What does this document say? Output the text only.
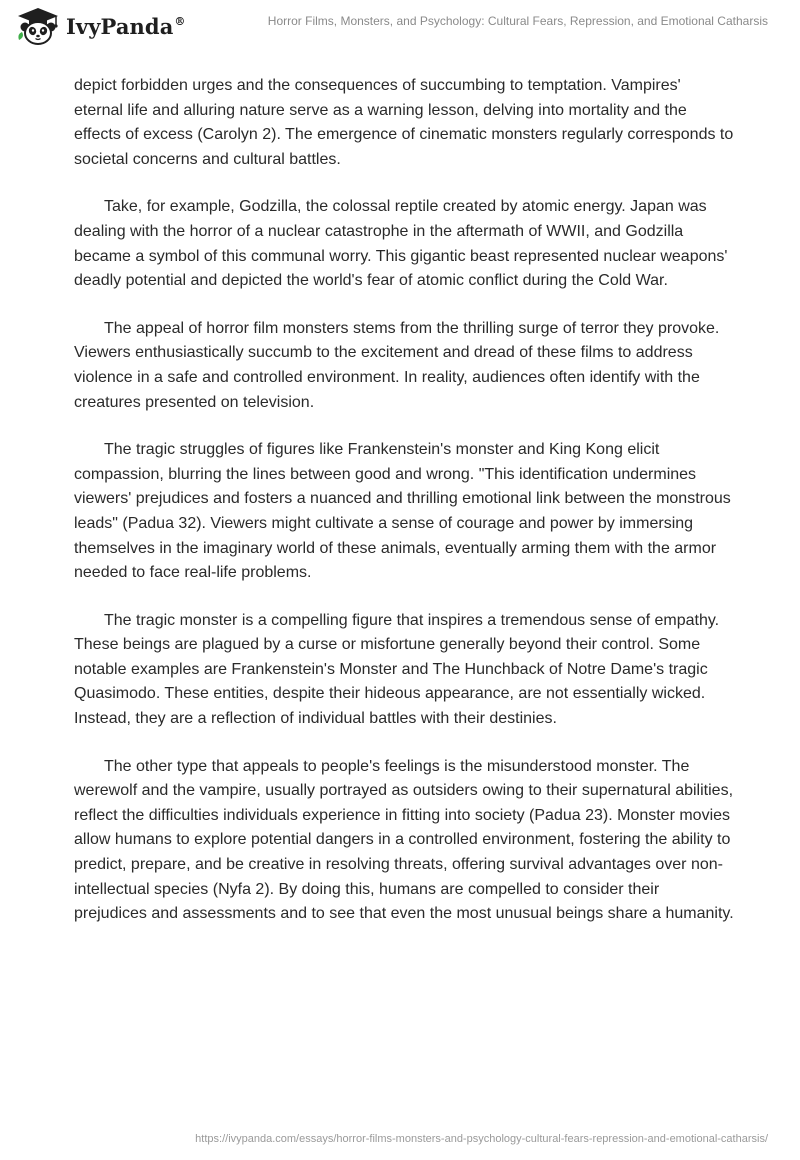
IvyPanda®	Horror Films, Monsters, and Psychology: Cultural Fears, Repression, and Emotional Catharsis

depict forbidden urges and the consequences of succumbing to temptation. Vampires' eternal life and alluring nature serve as a warning lesson, delving into mortality and the effects of excess (Carolyn 2). The emergence of cinematic monsters regularly corresponds to societal concerns and cultural battles.

Take, for example, Godzilla, the colossal reptile created by atomic energy. Japan was dealing with the horror of a nuclear catastrophe in the aftermath of WWII, and Godzilla became a symbol of this communal worry. This gigantic beast represented nuclear weapons' deadly potential and depicted the world's fear of atomic conflict during the Cold War.

The appeal of horror film monsters stems from the thrilling surge of terror they provoke. Viewers enthusiastically succumb to the excitement and dread of these films to address violence in a safe and controlled environment. In reality, audiences often identify with the creatures presented on television.

The tragic struggles of figures like Frankenstein's monster and King Kong elicit compassion, blurring the lines between good and wrong. "This identification undermines viewers' prejudices and fosters a nuanced and thrilling emotional link between the monstrous leads" (Padua 32). Viewers might cultivate a sense of courage and power by immersing themselves in the imaginary world of these animals, eventually arming them with the armor needed to face real-life problems.

The tragic monster is a compelling figure that inspires a tremendous sense of empathy. These beings are plagued by a curse or misfortune generally beyond their control. Some notable examples are Frankenstein's Monster and The Hunchback of Notre Dame's tragic Quasimodo. These entities, despite their hideous appearance, are not essentially wicked. Instead, they are a reflection of individual battles with their destinies.

The other type that appeals to people's feelings is the misunderstood monster. The werewolf and the vampire, usually portrayed as outsiders owing to their supernatural abilities, reflect the difficulties individuals experience in fitting into society (Padua 23). Monster movies allow humans to explore potential dangers in a controlled environment, fostering the ability to predict, prepare, and be creative in resolving threats, offering survival advantages over non-intellectual species (Nyfa 2). By doing this, humans are compelled to consider their prejudices and assessments and to see that even the most unusual beings share a humanity.

https://ivypanda.com/essays/horror-films-monsters-and-psychology-cultural-fears-repression-and-emotional-catharsis/
